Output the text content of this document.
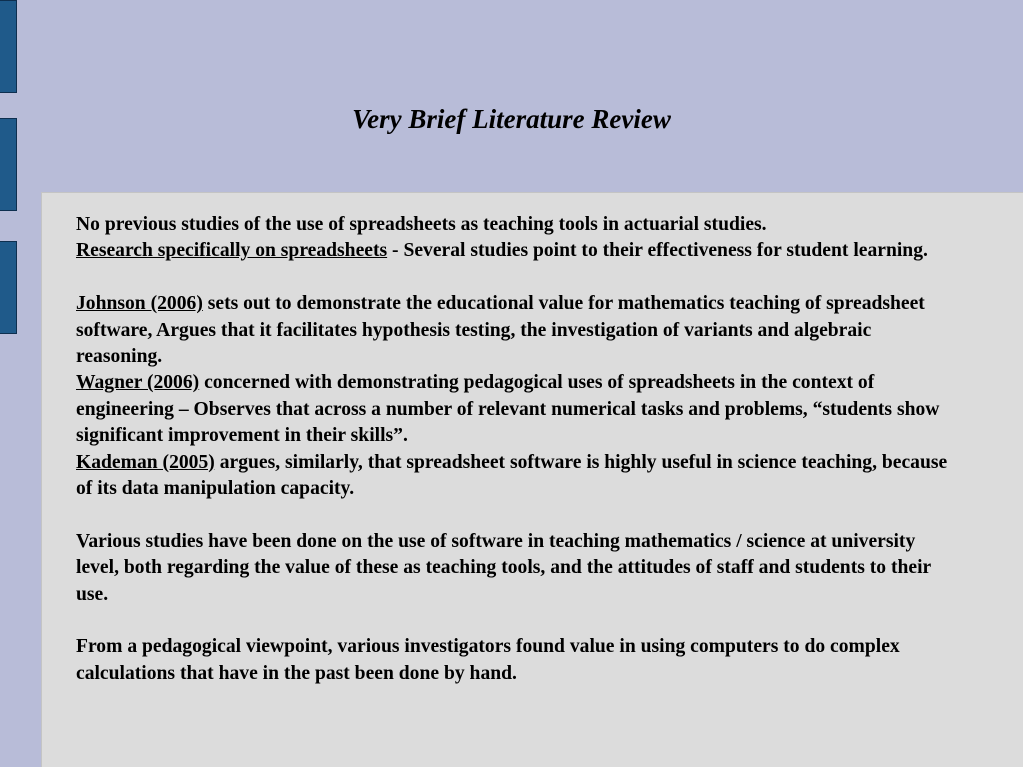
Very Brief Literature Review

No previous studies of the use of spreadsheets as teaching tools in actuarial studies.
Research specifically on spreadsheets - Several studies point to their effectiveness for student learning.

Johnson (2006) sets out to demonstrate the educational value for mathematics teaching of spreadsheet software, Argues that it facilitates hypothesis testing, the investigation of variants and algebraic reasoning.

Wagner (2006) concerned with demonstrating pedagogical uses of spreadsheets in the context of engineering – Observes that across a number of relevant numerical tasks and problems, “students show significant improvement in their skills”.

Kademan (2005) argues, similarly, that spreadsheet software is highly useful in science teaching, because of its data manipulation capacity.

Various studies have been done on the use of software in teaching mathematics / science at university level, both regarding the value of these as teaching tools, and the attitudes of staff and students to their use.

From a pedagogical viewpoint, various investigators found value in using computers to do complex calculations that have in the past been done by hand.
